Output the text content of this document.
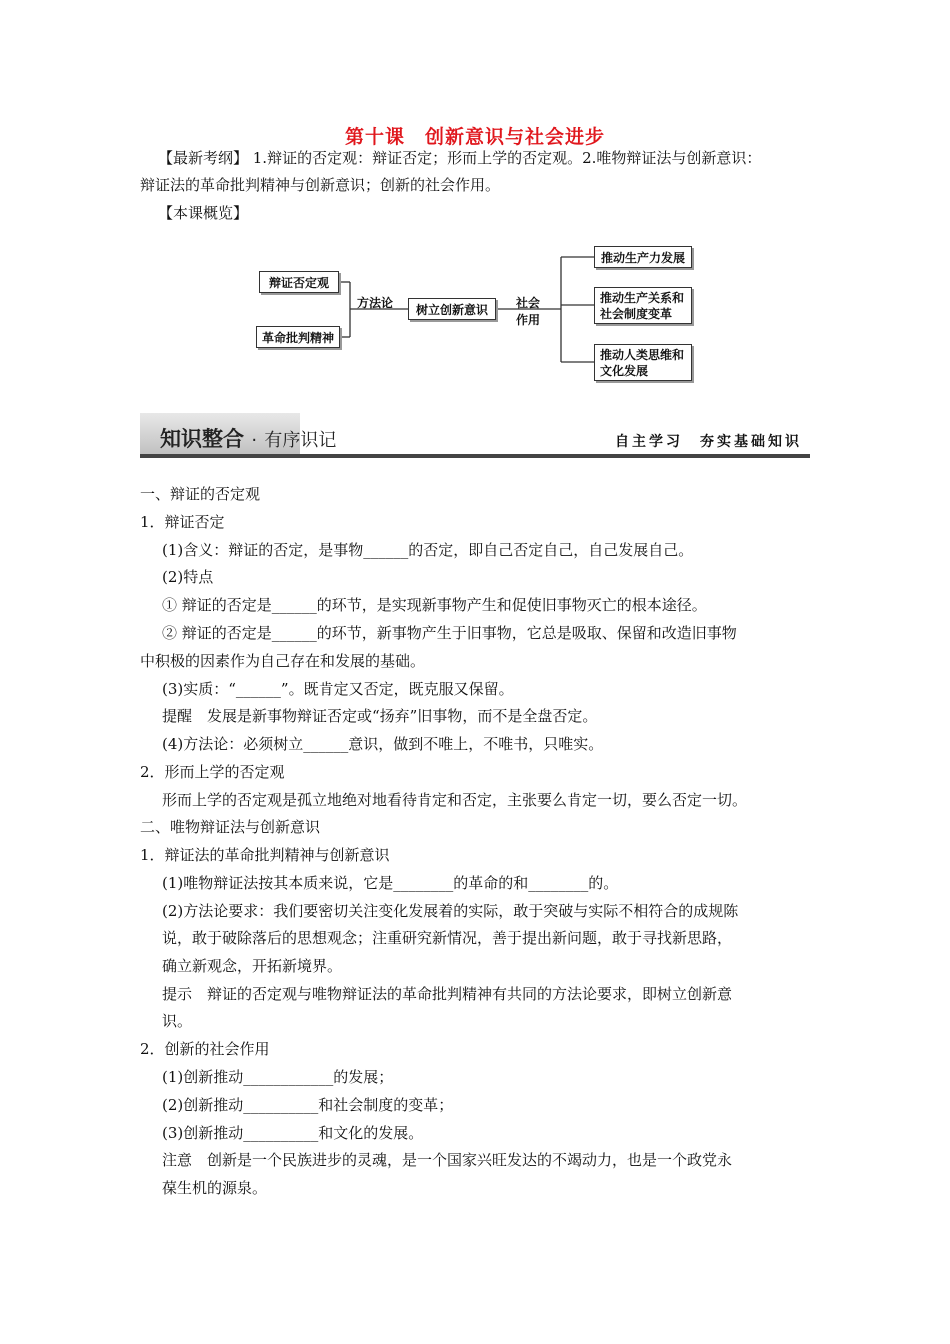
第十课　创新意识与社会进步
【最新考纲】 1.辩证的否定观：辩证否定；形而上学的否定观。2.唯物辩证法与创新意识：
辩证法的革命批判精神与创新意识；创新的社会作用。
【本课概览】
辩证否定观
革命批判精神
方法论	树立创新意识	社会
作用
推动生产力发展
推动生产关系和社会制度变革
推动人类思维和文化发展
知识整合 · 有序识记	自主学习　夯实基础知识
一、辩证的否定观
1．辩证否定
(1)含义：辩证的否定，是事物______的否定，即自己否定自己，自己发展自己。
(2)特点
① 辩证的否定是______的环节，是实现新事物产生和促使旧事物灭亡的根本途径。
② 辩证的否定是______的环节，新事物产生于旧事物，它总是吸取、保留和改造旧事物
中积极的因素作为自己存在和发展的基础。
(3)实质：“______”。既肯定又否定，既克服又保留。
提醒　发展是新事物辩证否定或“扬弃”旧事物，而不是全盘否定。
(4)方法论：必须树立______意识，做到不唯上，不唯书，只唯实。
2．形而上学的否定观
形而上学的否定观是孤立地绝对地看待肯定和否定，主张要么肯定一切，要么否定一切。
二、唯物辩证法与创新意识
1．辩证法的革命批判精神与创新意识
(1)唯物辩证法按其本质来说，它是________的革命的和________的。
(2)方法论要求：我们要密切关注变化发展着的实际，敢于突破与实际不相符合的成规陈
说，敢于破除落后的思想观念；注重研究新情况，善于提出新问题，敢于寻找新思路，
确立新观念，开拓新境界。
提示　辩证的否定观与唯物辩证法的革命批判精神有共同的方法论要求，即树立创新意
识。
2．创新的社会作用
(1)创新推动____________的发展；
(2)创新推动__________和社会制度的变革；
(3)创新推动__________和文化的发展。
注意　创新是一个民族进步的灵魂，是一个国家兴旺发达的不竭动力，也是一个政党永
葆生机的源泉。
